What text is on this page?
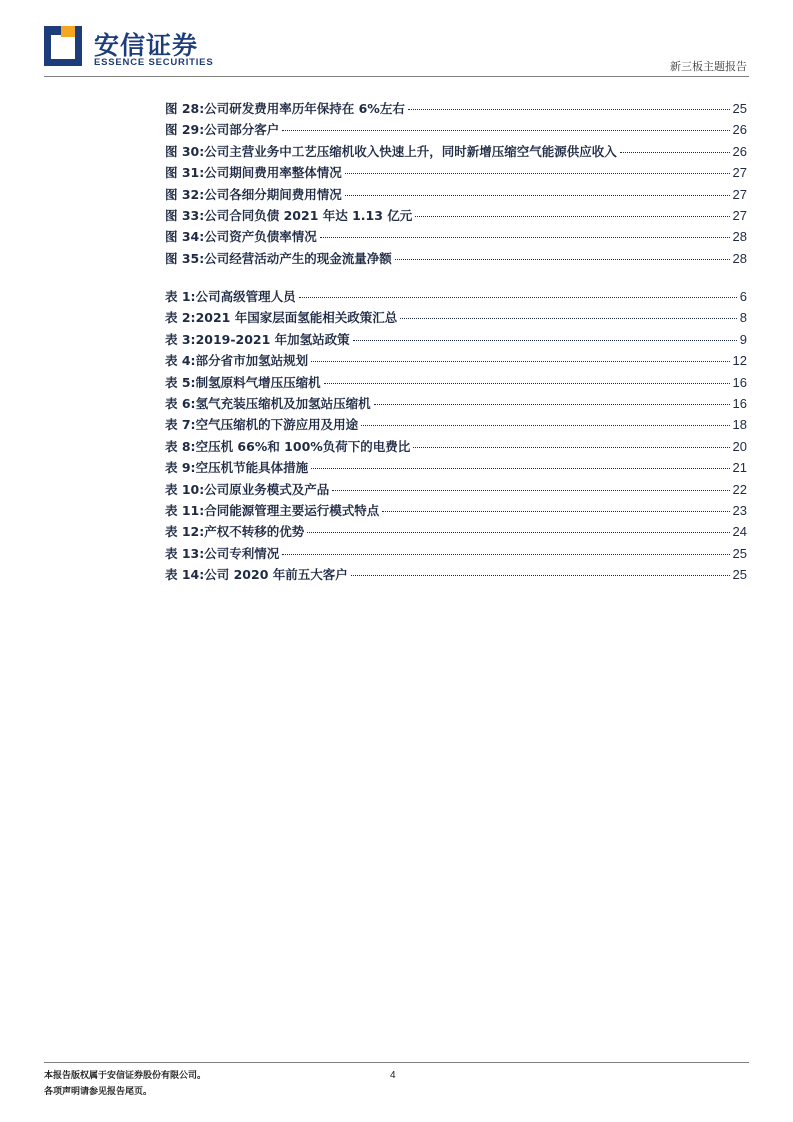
安信证券
ESSENCE SECURITIES	新三板主题报告
图 28: 公司研发费用率历年保持在 6%左右	25
图 29: 公司部分客户	26
图 30: 公司主营业务中工艺压缩机收入快速上升，同时新增压缩空气能源供应收入	26
图 31: 公司期间费用率整体情况	27
图 32: 公司各细分期间费用情况	27
图 33: 公司合同负债 2021 年达 1.13 亿元	27
图 34: 公司资产负债率情况	28
图 35: 公司经营活动产生的现金流量净额	28
表 1: 公司高级管理人员	6
表 2: 2021 年国家层面氢能相关政策汇总	8
表 3: 2019-2021 年加氢站政策	9
表 4: 部分省市加氢站规划	12
表 5: 制氢原料气增压压缩机	16
表 6: 氢气充装压缩机及加氢站压缩机	16
表 7: 空气压缩机的下游应用及用途	18
表 8: 空压机 66%和 100%负荷下的电费比	20
表 9: 空压机节能具体措施	21
表 10: 公司原业务模式及产品	22
表 11: 合同能源管理主要运行模式特点	23
表 12: 产权不转移的优势	24
表 13: 公司专利情况	25
表 14: 公司 2020 年前五大客户	25
本报告版权属于安信证券股份有限公司。
各项声明请参见报告尾页。
4
